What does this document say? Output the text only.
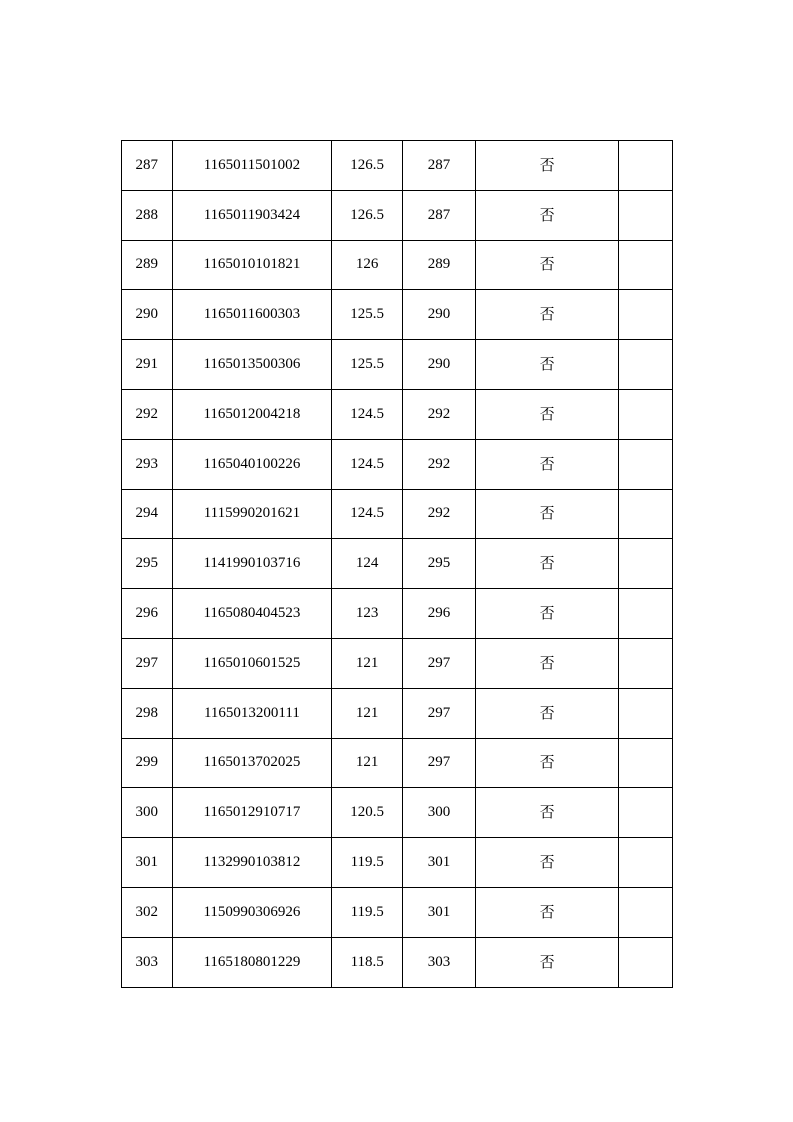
287	1165011501002	126.5	287	否	
288	1165011903424	126.5	287	否	
289	1165010101821	126	289	否	
290	1165011600303	125.5	290	否	
291	1165013500306	125.5	290	否	
292	1165012004218	124.5	292	否	
293	1165040100226	124.5	292	否	
294	1115990201621	124.5	292	否	
295	1141990103716	124	295	否	
296	1165080404523	123	296	否	
297	1165010601525	121	297	否	
298	1165013200111	121	297	否	
299	1165013702025	121	297	否	
300	1165012910717	120.5	300	否	
301	1132990103812	119.5	301	否	
302	1150990306926	119.5	301	否	
303	1165180801229	118.5	303	否	
